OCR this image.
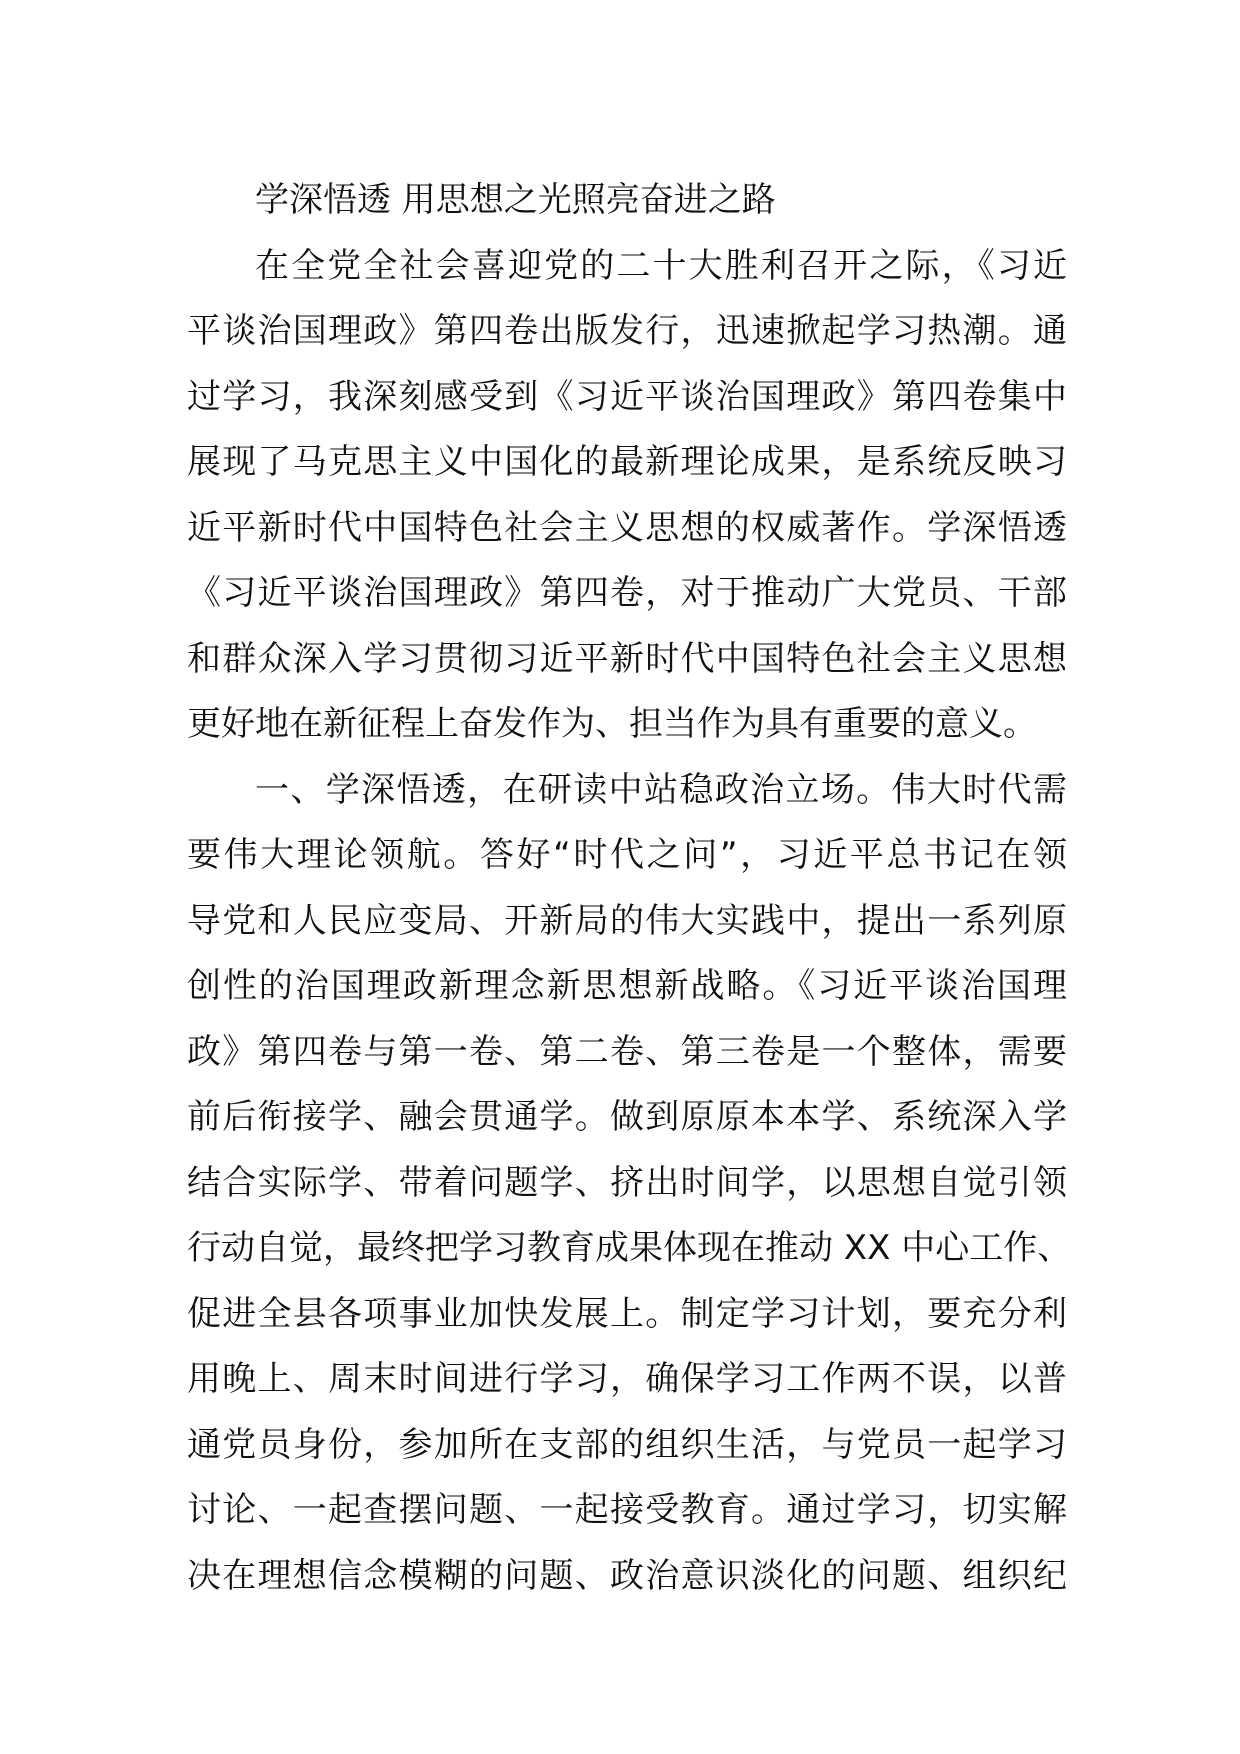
学深悟透 用思想之光照亮奋进之路
在全党全社会喜迎党的二十大胜利召开之际，《习近
平谈治国理政》第四卷出版发行，迅速掀起学习热潮。通
过学习，我深刻感受到《习近平谈治国理政》第四卷集中
展现了马克思主义中国化的最新理论成果，是系统反映习
近平新时代中国特色社会主义思想的权威著作。学深悟透
《习近平谈治国理政》第四卷，对于推动广大党员、干部
和群众深入学习贯彻习近平新时代中国特色社会主义思想
更好地在新征程上奋发作为、担当作为具有重要的意义。
一、学深悟透，在研读中站稳政治立场。伟大时代需
要伟大理论领航。答好“时代之问”，习近平总书记在领
导党和人民应变局、开新局的伟大实践中，提出一系列原
创性的治国理政新理念新思想新战略。《习近平谈治国理
政》第四卷与第一卷、第二卷、第三卷是一个整体，需要
前后衔接学、融会贯通学。做到原原本本学、系统深入学
结合实际学、带着问题学、挤出时间学，以思想自觉引领
行动自觉，最终把学习教育成果体现在推动 XX 中心工作、
促进全县各项事业加快发展上。制定学习计划，要充分利
用晚上、周末时间进行学习，确保学习工作两不误，以普
通党员身份，参加所在支部的组织生活，与党员一起学习
讨论、一起查摆问题、一起接受教育。通过学习，切实解
决在理想信念模糊的问题、政治意识淡化的问题、组织纪
